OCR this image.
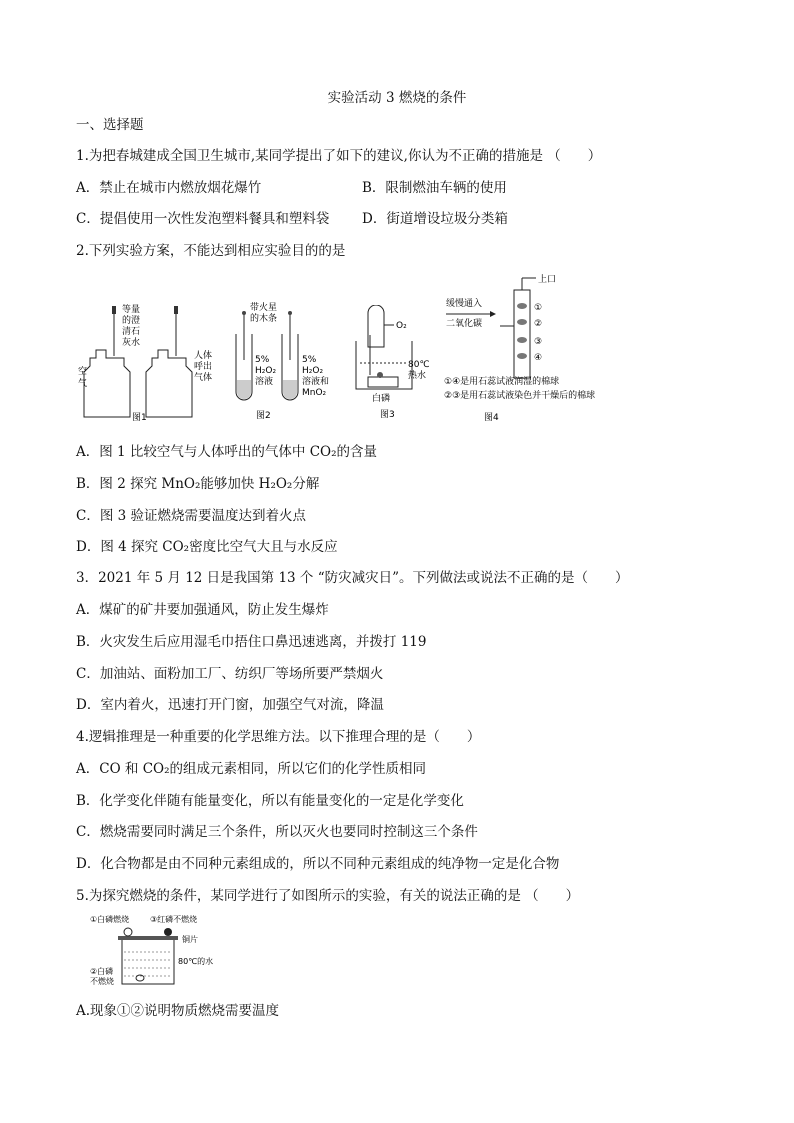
实验活动 3 燃烧的条件
一、选择题
1.为把春城建成全国卫生城市,某同学提出了如下的建议,你认为不正确的措施是 （　　）
A．禁止在城市内燃放烟花爆竹	B．限制燃油车辆的使用
C．提倡使用一次性发泡塑料餐具和塑料袋 D．街道增设垃圾分类箱
2.下列实验方案，不能达到相应实验目的的是
等量
的澄
清石
灰水
空
气
人体
呼出
气体
图1
带火星
的木条
5%
H₂O₂
溶液
5%
H₂O₂
溶液和
MnO₂
图2
O₂
80℃
热水
白磷
图3
上口
缓慢通入
二氧化碳
①
②
③
④
①④是用石蕊试液润湿的棉球
②③是用石蕊试液染色并干燥后的棉球
图4
A．图 1 比较空气与人体呼出的气体中 CO₂的含量
B．图 2 探究 MnO₂能够加快 H₂O₂分解
C．图 3 验证燃烧需要温度达到着火点
D．图 4 探究 CO₂密度比空气大且与水反应
3．2021 年 5 月 12 日是我国第 13 个 “防灾减灾日”。下列做法或说法不正确的是（　　）
A．煤矿的矿井要加强通风，防止发生爆炸
B．火灾发生后应用湿毛巾捂住口鼻迅速逃离，并拨打 119
C．加油站、面粉加工厂、纺织厂等场所要严禁烟火
D．室内着火，迅速打开门窗，加强空气对流，降温
4.逻辑推理是一种重要的化学思维方法。以下推理合理的是（　　）
A．CO 和 CO₂的组成元素相同，所以它们的化学性质相同
B．化学变化伴随有能量变化，所以有能量变化的一定是化学变化
C．燃烧需要同时满足三个条件，所以灭火也要同时控制这三个条件
D．化合物都是由不同种元素组成的，所以不同种元素组成的纯净物一定是化合物
5.为探究燃烧的条件，某同学进行了如图所示的实验，有关的说法正确的是 （　　）
①白磷燃烧	③红磷不燃烧
铜片
80℃的水
②白磷
不燃烧
A.现象①②说明物质燃烧需要温度
